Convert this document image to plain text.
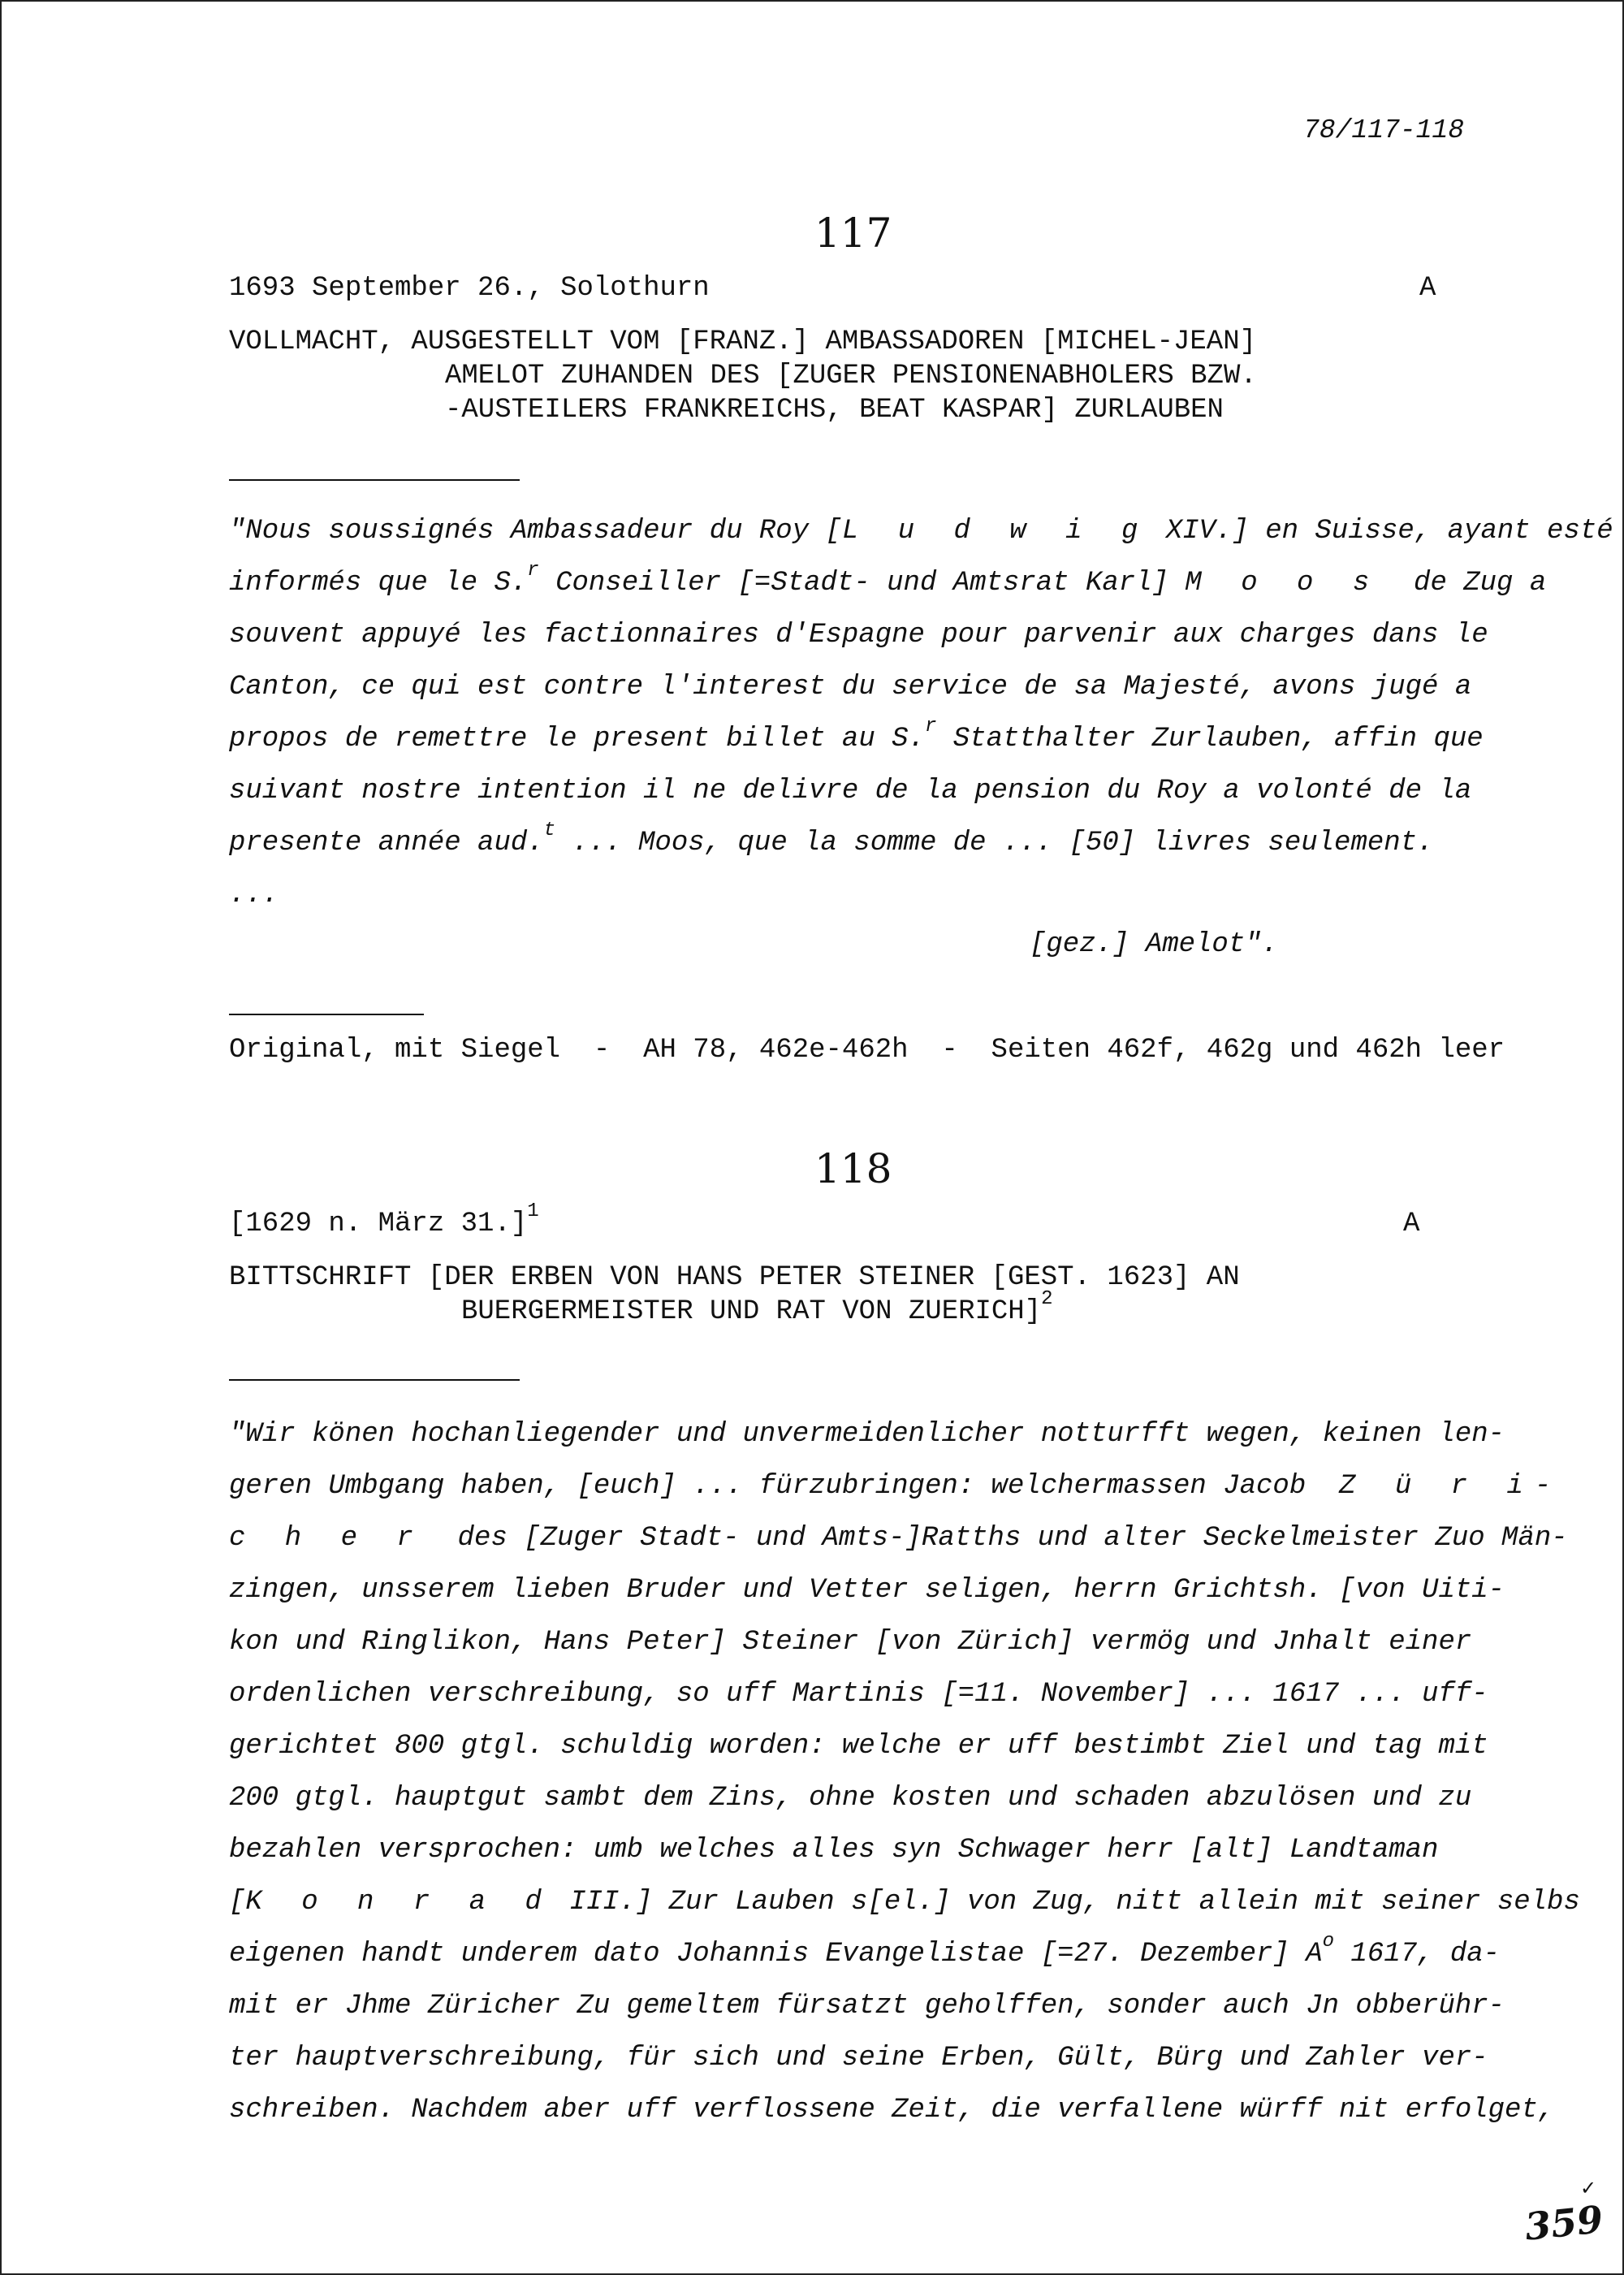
78/117-118
117
1693 September 26., Solothurn	A
VOLLMACHT, AUSGESTELLT VOM [FRANZ.] AMBASSADOREN [MICHEL-JEAN]
AMELOT ZUHANDEN DES [ZUGER PENSIONENABHOLERS BZW.
-AUSTEILERS FRANKREICHS, BEAT KASPAR] ZURLAUBEN
"Nous soussignés Ambassadeur du Roy [L u d w i g XIV.] en Suisse, ayant esté
informés que le S.$^r$ Conseiller [=Stadt- und Amtsrat Karl] M o o s  de Zug a
souvent appuyé les factionnaires d'Espagne pour parvenir aux charges dans le
Canton, ce qui est contre l'interest du service de sa Majesté, avons jugé a
propos de remettre le present billet au S.$^r$ Statthalter Zurlauben, affin que
suivant nostre intention il ne delivre de la pension du Roy a volonté de la
presente année aud.$^t$ ... Moos, que la somme de ... [50] livres seulement.
...
[gez.] Amelot".
Original, mit Siegel  -  AH 78, 462e-462h  -  Seiten 462f, 462g und 462h leer
118
[1629 n. März 31.]$^1$	A
BITTSCHRIFT [DER ERBEN VON HANS PETER STEINER [GEST. 1623] AN
BUERGERMEISTER UND RAT VON ZUERICH]$^2$
"Wir könen hochanliegender und unvermeidenlicher notturfft wegen, keinen len-
geren Umbgang haben, [euch] ... fürzubringen: welchermassen Jacob  Z ü r i-
c h e r  des [Zuger Stadt- und Amts-]Ratths und alter Seckelmeister Zuo Män-
zingen, unsserem lieben Bruder und Vetter seligen, herrn Grichtsh. [von Uiti-
kon und Ringlikon, Hans Peter] Steiner [von Zürich] vermög und Jnhalt einer
ordenlichen verschreibung, so uff Martinis [=11. November] ... 1617 ... uff-
gerichtet 800 gtgl. schuldig worden: welche er uff bestimbt Ziel und tag mit
200 gtgl. hauptgut sambt dem Zins, ohne kosten und schaden abzulösen und zu
bezahlen versprochen: umb welches alles syn Schwager herr [alt] Landtaman
[K o n r a d III.] Zur Lauben s[el.] von Zug, nitt allein mit seiner selbs
eigenen handt underem dato Johannis Evangelistae [=27. Dezember] $A^o$ 1617, da-
mit er Jhme Züricher Zu gemeltem fürsatzt geholffen, sonder auch Jn obberühr-
ter hauptverschreibung, für sich und seine Erben, Gült, Bürg und Zahler ver-
schreiben. Nachdem aber uff verflossene Zeit, die verfallene würff nit erfolget,
359
✓
